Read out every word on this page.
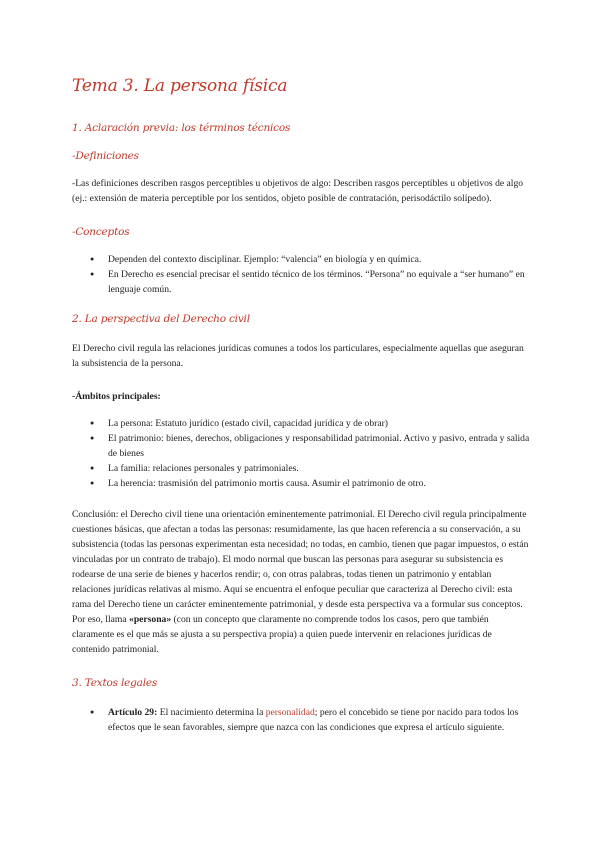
Tema 3. La persona física
1. Aclaración previa: los términos técnicos
-Definiciones

-Las definiciones describen rasgos perceptibles u objetivos de algo: Describen rasgos perceptibles u objetivos de algo (ej.: extensión de materia perceptible por los sentidos, objeto posible de contratación, perisodáctilo solípedo).

-Conceptos
● Dependen del contexto disciplinar. Ejemplo: “valencia” en biología y en química.
● En Derecho es esencial precisar el sentido técnico de los términos. “Persona” no equivale a “ser humano” en lenguaje común.
2. La perspectiva del Derecho civil

El Derecho civil regula las relaciones jurídicas comunes a todos los particulares, especialmente aquellas que aseguran la subsistencia de la persona.

-Ámbitos principales:
● La persona: Estatuto jurídico (estado civil, capacidad jurídica y de obrar)
● El patrimonio: bienes, derechos, obligaciones y responsabilidad patrimonial. Activo y pasivo, entrada y salida de bienes
● La familia: relaciones personales y patrimoniales.
● La herencia: trasmisión del patrimonio mortis causa. Asumir el patrimonio de otro.

Conclusión: el Derecho civil tiene una orientación eminentemente patrimonial. El Derecho civil regula principalmente cuestiones básicas, que afectan a todas las personas: resumidamente, las que hacen referencia a su conservación, a su subsistencia (todas las personas experimentan esta necesidad; no todas, en cambio, tienen que pagar impuestos, o están vinculadas por un contrato de trabajo). El modo normal que buscan las personas para asegurar su subsistencia es rodearse de una serie de bienes y hacerlos rendir; o, con otras palabras, todas tienen un patrimonio y entablan relaciones jurídicas relativas al mismo. Aquí se encuentra el enfoque peculiar que caracteriza al Derecho civil: esta rama del Derecho tiene un carácter eminentemente patrimonial, y desde esta perspectiva va a formular sus conceptos. Por eso, llama «persona» (con un concepto que claramente no comprende todos los casos, pero que también claramente es el que más se ajusta a su perspectiva propia) a quien puede intervenir en relaciones jurídicas de contenido patrimonial.

3. Textos legales
● Artículo 29: El nacimiento determina la personalidad; pero el concebido se tiene por nacido para todos los efectos que le sean favorables, siempre que nazca con las condiciones que expresa el artículo siguiente.
